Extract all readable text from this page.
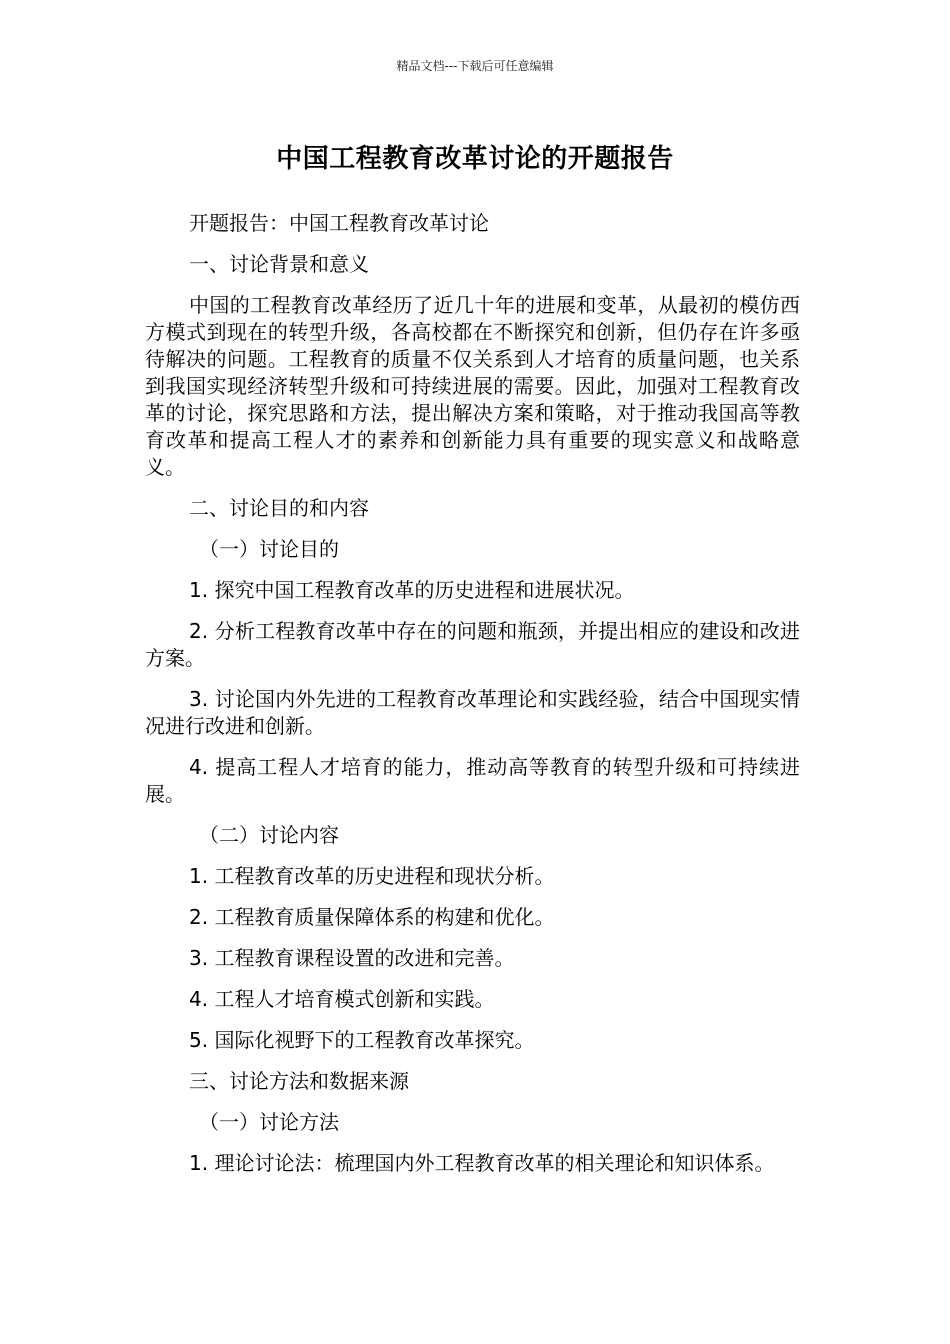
精品文档---下载后可任意编辑
中国工程教育改革讨论的开题报告

开题报告：中国工程教育改革讨论

一、讨论背景和意义

中国的工程教育改革经历了近几十年的进展和变革，从最初的模仿西方模式到现在的转型升级，各高校都在不断探究和创新，但仍存在许多亟待解决的问题。工程教育的质量不仅关系到人才培育的质量问题，也关系到我国实现经济转型升级和可持续进展的需要。因此，加强对工程教育改革的讨论，探究思路和方法，提出解决方案和策略，对于推动我国高等教育改革和提高工程人才的素养和创新能力具有重要的现实意义和战略意义。

二、讨论目的和内容

（一）讨论目的

1. 探究中国工程教育改革的历史进程和进展状况。

2. 分析工程教育改革中存在的问题和瓶颈，并提出相应的建设和改进方案。

3. 讨论国内外先进的工程教育改革理论和实践经验，结合中国现实情况进行改进和创新。

4. 提高工程人才培育的能力，推动高等教育的转型升级和可持续进展。

（二）讨论内容

1. 工程教育改革的历史进程和现状分析。

2. 工程教育质量保障体系的构建和优化。

3. 工程教育课程设置的改进和完善。

4. 工程人才培育模式创新和实践。

5. 国际化视野下的工程教育改革探究。

三、讨论方法和数据来源

（一）讨论方法

1. 理论讨论法：梳理国内外工程教育改革的相关理论和知识体系。
